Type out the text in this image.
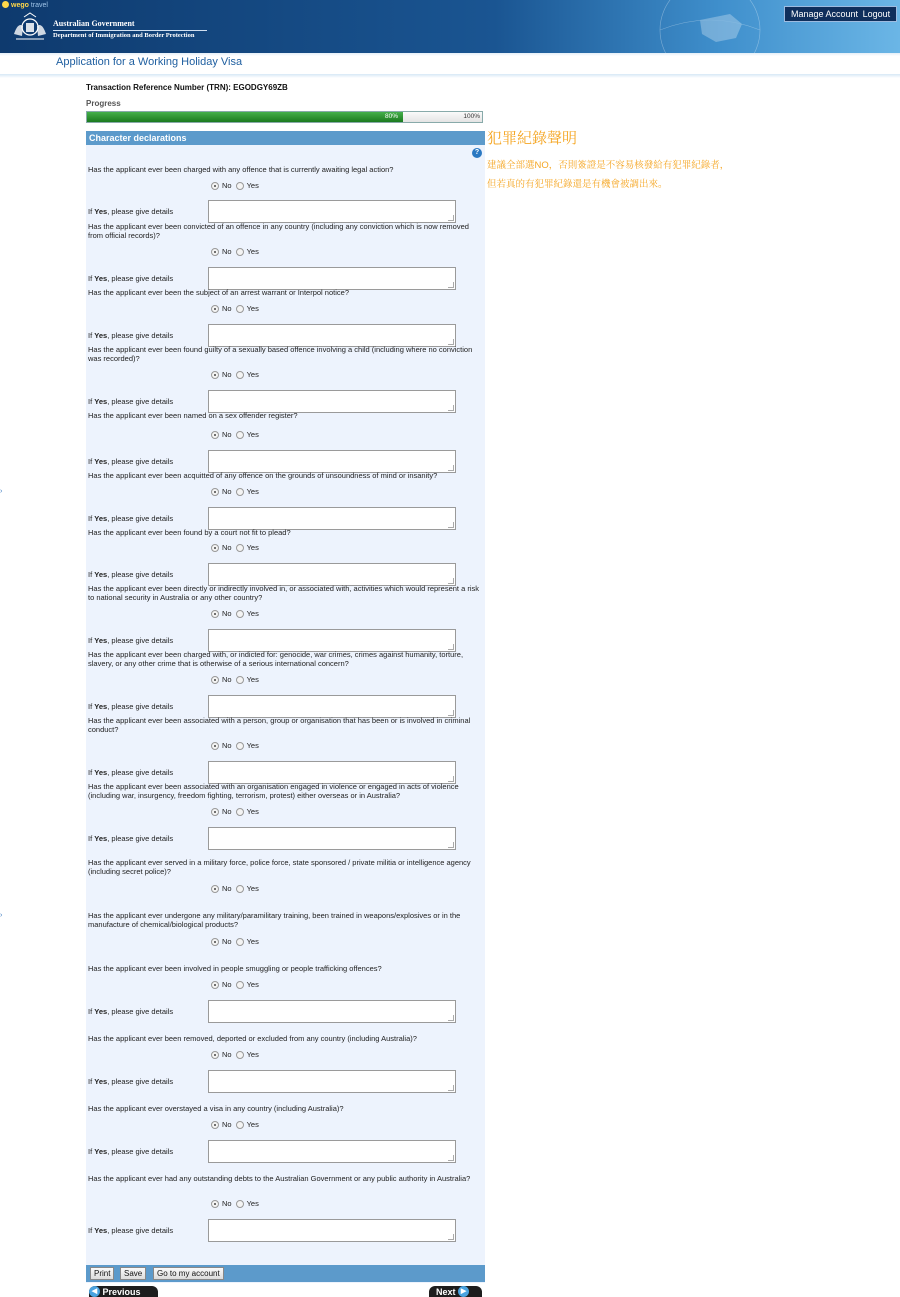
wego travel
Australian Government
Department of Immigration and Border Protection
Manage Account Logout
Application for a Working Holiday Visa
Transaction Reference Number (TRN): EGODGY69ZB
Progress
80%	100%
Character declarations
?
Has the applicant ever been charged with any offence that is currently awaiting legal action?
No Yes
If Yes, please give details
Has the applicant ever been convicted of an offence in any country (including any conviction which is now removed from official records)?
No Yes
If Yes, please give details
Has the applicant ever been the subject of an arrest warrant or Interpol notice?
No Yes
If Yes, please give details
Has the applicant ever been found guilty of a sexually based offence involving a child (including where no conviction was recorded)?
No Yes
If Yes, please give details
Has the applicant ever been named on a sex offender register?
No Yes
If Yes, please give details
Has the applicant ever been acquitted of any offence on the grounds of unsoundness of mind or insanity?
No Yes
If Yes, please give details
Has the applicant ever been found by a court not fit to plead?
No Yes
If Yes, please give details
Has the applicant ever been directly or indirectly involved in, or associated with, activities which would represent a risk to national security in Australia or any other country?
No Yes
If Yes, please give details
Has the applicant ever been charged with, or indicted for: genocide, war crimes, crimes against humanity, torture, slavery, or any other crime that is otherwise of a serious international concern?
No Yes
If Yes, please give details
Has the applicant ever been associated with a person, group or organisation that has been or is involved in criminal conduct?
No Yes
If Yes, please give details
Has the applicant ever been associated with an organisation engaged in violence or engaged in acts of violence (including war, insurgency, freedom fighting, terrorism, protest) either overseas or in Australia?
No Yes
If Yes, please give details
Has the applicant ever served in a military force, police force, state sponsored / private militia or intelligence agency (including secret police)?
No Yes
Has the applicant ever undergone any military/paramilitary training, been trained in weapons/explosives or in the manufacture of chemical/biological products?
No Yes
Has the applicant ever been involved in people smuggling or people trafficking offences?
No Yes
If Yes, please give details
Has the applicant ever been removed, deported or excluded from any country (including Australia)?
No Yes
If Yes, please give details
Has the applicant ever overstayed a visa in any country (including Australia)?
No Yes
If Yes, please give details
Has the applicant ever had any outstanding debts to the Australian Government or any public authority in Australia?
No Yes
If Yes, please give details
Print	Save	Go to my account
◀ Previous	Next ▶
犯罪紀錄聲明
建議全部選NO，否則簽證是不容易核發給有犯罪紀錄者，
但若真的有犯罪紀錄還是有機會被調出來。
›
›
